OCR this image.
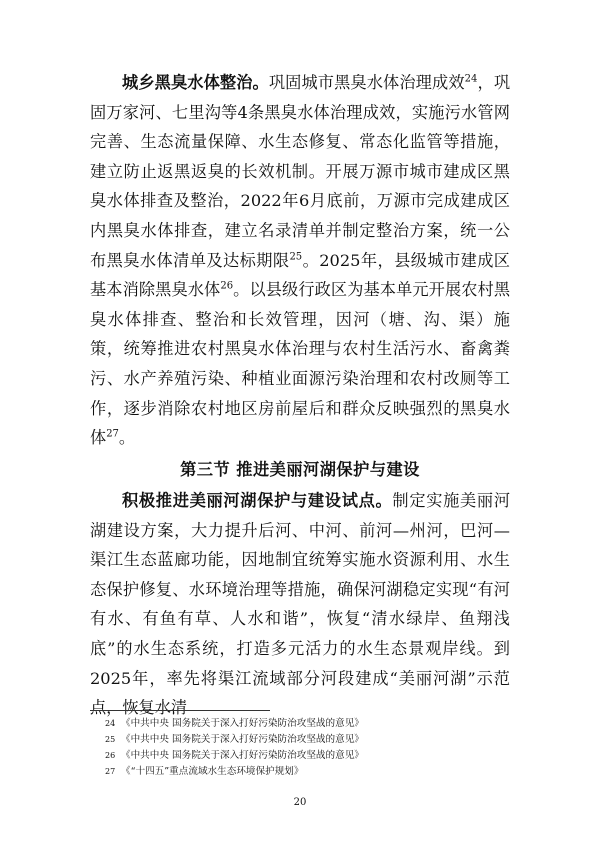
城乡黑臭水体整治。巩固城市黑臭水体治理成效$^{24}$，巩固万家河、七里沟等4条黑臭水体治理成效，实施污水管网完善、生态流量保障、水生态修复、常态化监管等措施，建立防止返黑返臭的长效机制。开展万源市城市建成区黑臭水体排查及整治，2022年6月底前，万源市完成建成区内黑臭水体排查，建立名录清单并制定整治方案，统一公布黑臭水体清单及达标期限$^{25}$。2025年，县级城市建成区基本消除黑臭水体$^{26}$。以县级行政区为基本单元开展农村黑臭水体排查、整治和长效管理，因河（塘、沟、渠）施策，统筹推进农村黑臭水体治理与农村生活污水、畜禽粪污、水产养殖污染、种植业面源污染治理和农村改厕等工作，逐步消除农村地区房前屋后和群众反映强烈的黑臭水体$^{27}$。

第三节 推进美丽河湖保护与建设

积极推进美丽河湖保护与建设试点。制定实施美丽河湖建设方案，大力提升后河、中河、前河—州河，巴河—渠江生态蓝廊功能，因地制宜统筹实施水资源利用、水生态保护修复、水环境治理等措施，确保河湖稳定实现“有河有水、有鱼有草、人水和谐”，恢复“清水绿岸、鱼翔浅底”的水生态系统，打造多元活力的水生态景观岸线。到2025年，率先将渠江流域部分河段建成“美丽河湖”示范点，恢复水清

24 《中共中央 国务院关于深入打好污染防治攻坚战的意见》
25 《中共中央 国务院关于深入打好污染防治攻坚战的意见》
26 《中共中央 国务院关于深入打好污染防治攻坚战的意见》
27 《“十四五”重点流域水生态环境保护规划》
20
